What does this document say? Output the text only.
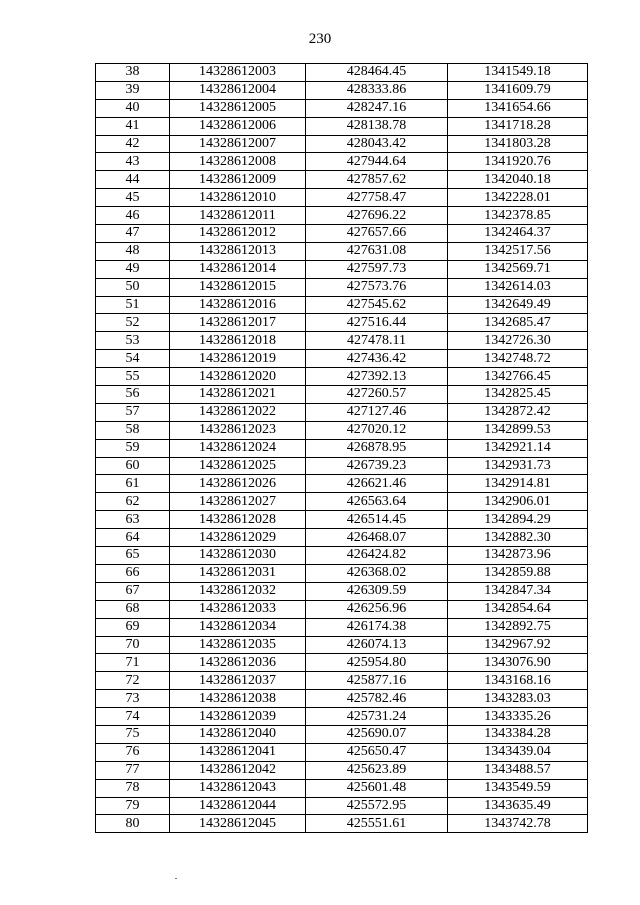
230
38	14328612003	428464.45	1341549.18
39	14328612004	428333.86	1341609.79
40	14328612005	428247.16	1341654.66
41	14328612006	428138.78	1341718.28
42	14328612007	428043.42	1341803.28
43	14328612008	427944.64	1341920.76
44	14328612009	427857.62	1342040.18
45	14328612010	427758.47	1342228.01
46	14328612011	427696.22	1342378.85
47	14328612012	427657.66	1342464.37
48	14328612013	427631.08	1342517.56
49	14328612014	427597.73	1342569.71
50	14328612015	427573.76	1342614.03
51	14328612016	427545.62	1342649.49
52	14328612017	427516.44	1342685.47
53	14328612018	427478.11	1342726.30
54	14328612019	427436.42	1342748.72
55	14328612020	427392.13	1342766.45
56	14328612021	427260.57	1342825.45
57	14328612022	427127.46	1342872.42
58	14328612023	427020.12	1342899.53
59	14328612024	426878.95	1342921.14
60	14328612025	426739.23	1342931.73
61	14328612026	426621.46	1342914.81
62	14328612027	426563.64	1342906.01
63	14328612028	426514.45	1342894.29
64	14328612029	426468.07	1342882.30
65	14328612030	426424.82	1342873.96
66	14328612031	426368.02	1342859.88
67	14328612032	426309.59	1342847.34
68	14328612033	426256.96	1342854.64
69	14328612034	426174.38	1342892.75
70	14328612035	426074.13	1342967.92
71	14328612036	425954.80	1343076.90
72	14328612037	425877.16	1343168.16
73	14328612038	425782.46	1343283.03
74	14328612039	425731.24	1343335.26
75	14328612040	425690.07	1343384.28
76	14328612041	425650.47	1343439.04
77	14328612042	425623.89	1343488.57
78	14328612043	425601.48	1343549.59
79	14328612044	425572.95	1343635.49
80	14328612045	425551.61	1343742.78
